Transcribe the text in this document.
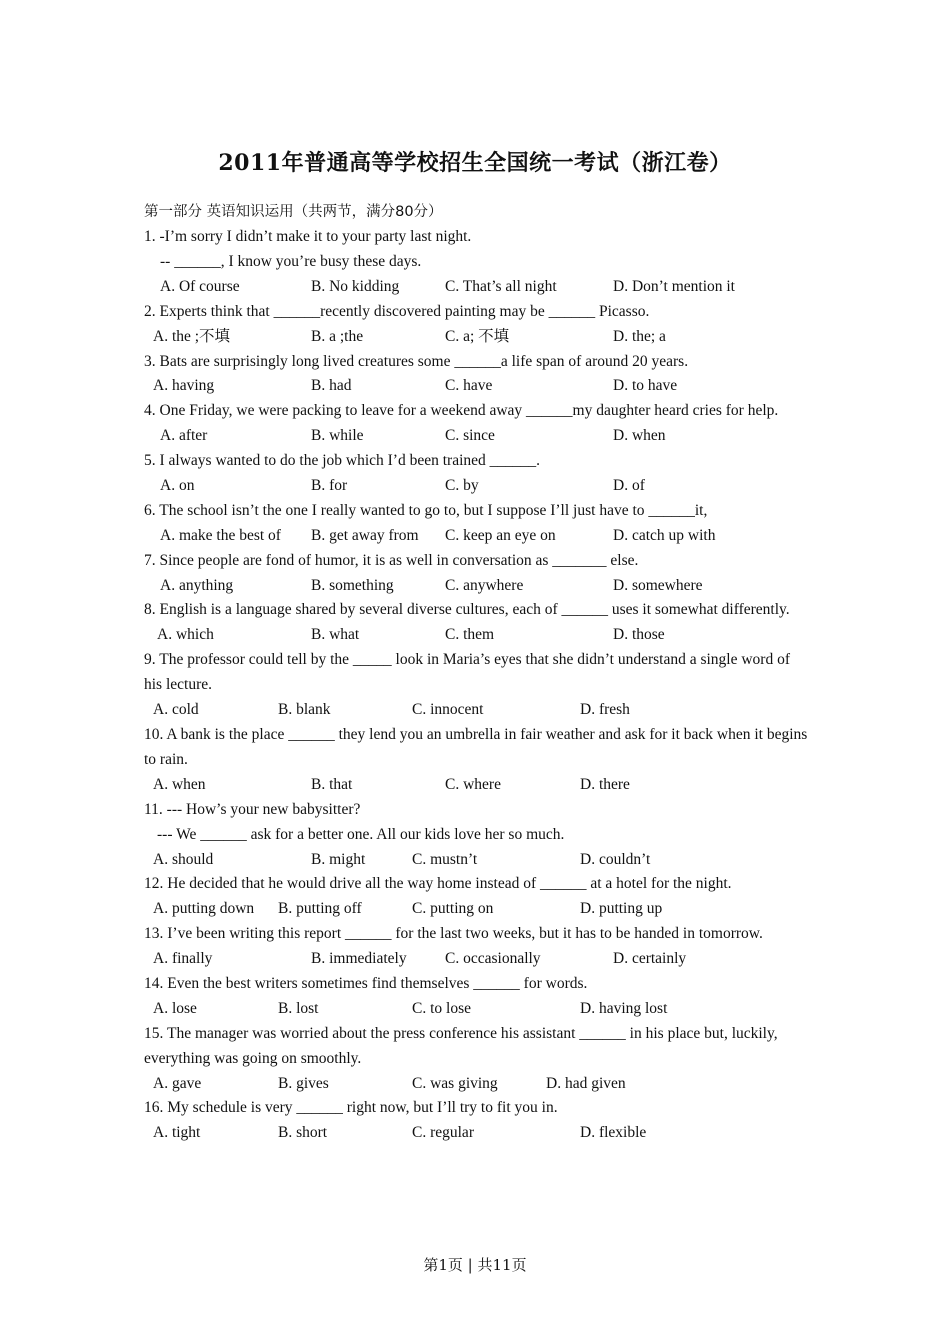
2011年普通高等学校招生全国统一考试（浙江卷）
第一部分 英语知识运用（共两节，满分80分）
1. -I’m sorry I didn’t make it to your party last night.
-- ______, I know you’re busy these days.
A. Of course	B. No kidding	C. That’s all night	D. Don’t mention it
2. Experts think that ______recently discovered painting may be ______ Picasso.
A. the ;不填	B. a ;the	C. a; 不填	D. the; a
3. Bats are surprisingly long lived creatures some ______a life span of around 20 years.
A. having	B. had	C. have	D. to have
4. One Friday, we were packing to leave for a weekend away ______my daughter heard cries for help.
A. after	B. while	C. since	D. when
5. I always wanted to do the job which I’d been trained ______.
A. on	B. for	C. by	D. of
6. The school isn’t the one I really wanted to go to, but I suppose I’ll just have to ______it,
A. make the best of B. get away from C. keep an eye on	D. catch up with
7. Since people are fond of humor, it is as well in conversation as _______ else.
A. anything	B. something	C. anywhere	D. somewhere
8. English is a language shared by several diverse cultures, each of ______ uses it somewhat differently.
A. which	B. what	C. them	D. those
9. The professor could tell by the _____ look in Maria’s eyes that she didn’t understand a single word of his lecture.
A. cold	B. blank	C. innocent	D. fresh
10. A bank is the place ______ they lend you an umbrella in fair weather and ask for it back when it begins to rain.
A. when	B. that	C. where	D. there
11. --- How’s your new babysitter?
--- We ______ ask for a better one. All our kids love her so much.
A. should	B. might	C. mustn’t	D. couldn’t
12. He decided that he would drive all the way home instead of ______ at a hotel for the night.
A. putting down B. putting off	C. putting on	D. putting up
13. I’ve been writing this report ______ for the last two weeks, but it has to be handed in tomorrow.
A. finally	B. immediately C. occasionally	D. certainly
14. Even the best writers sometimes find themselves ______ for words.
A. lose	B. lost	C. to lose	D. having lost
15. The manager was worried about the press conference his assistant ______ in his place but, luckily, everything was going on smoothly.
A. gave	B. gives	C. was giving	D. had given
16. My schedule is very ______ right now, but I’ll try to fit you in.
A. tight	B. short	C. regular	D. flexible
第1页 | 共11页
